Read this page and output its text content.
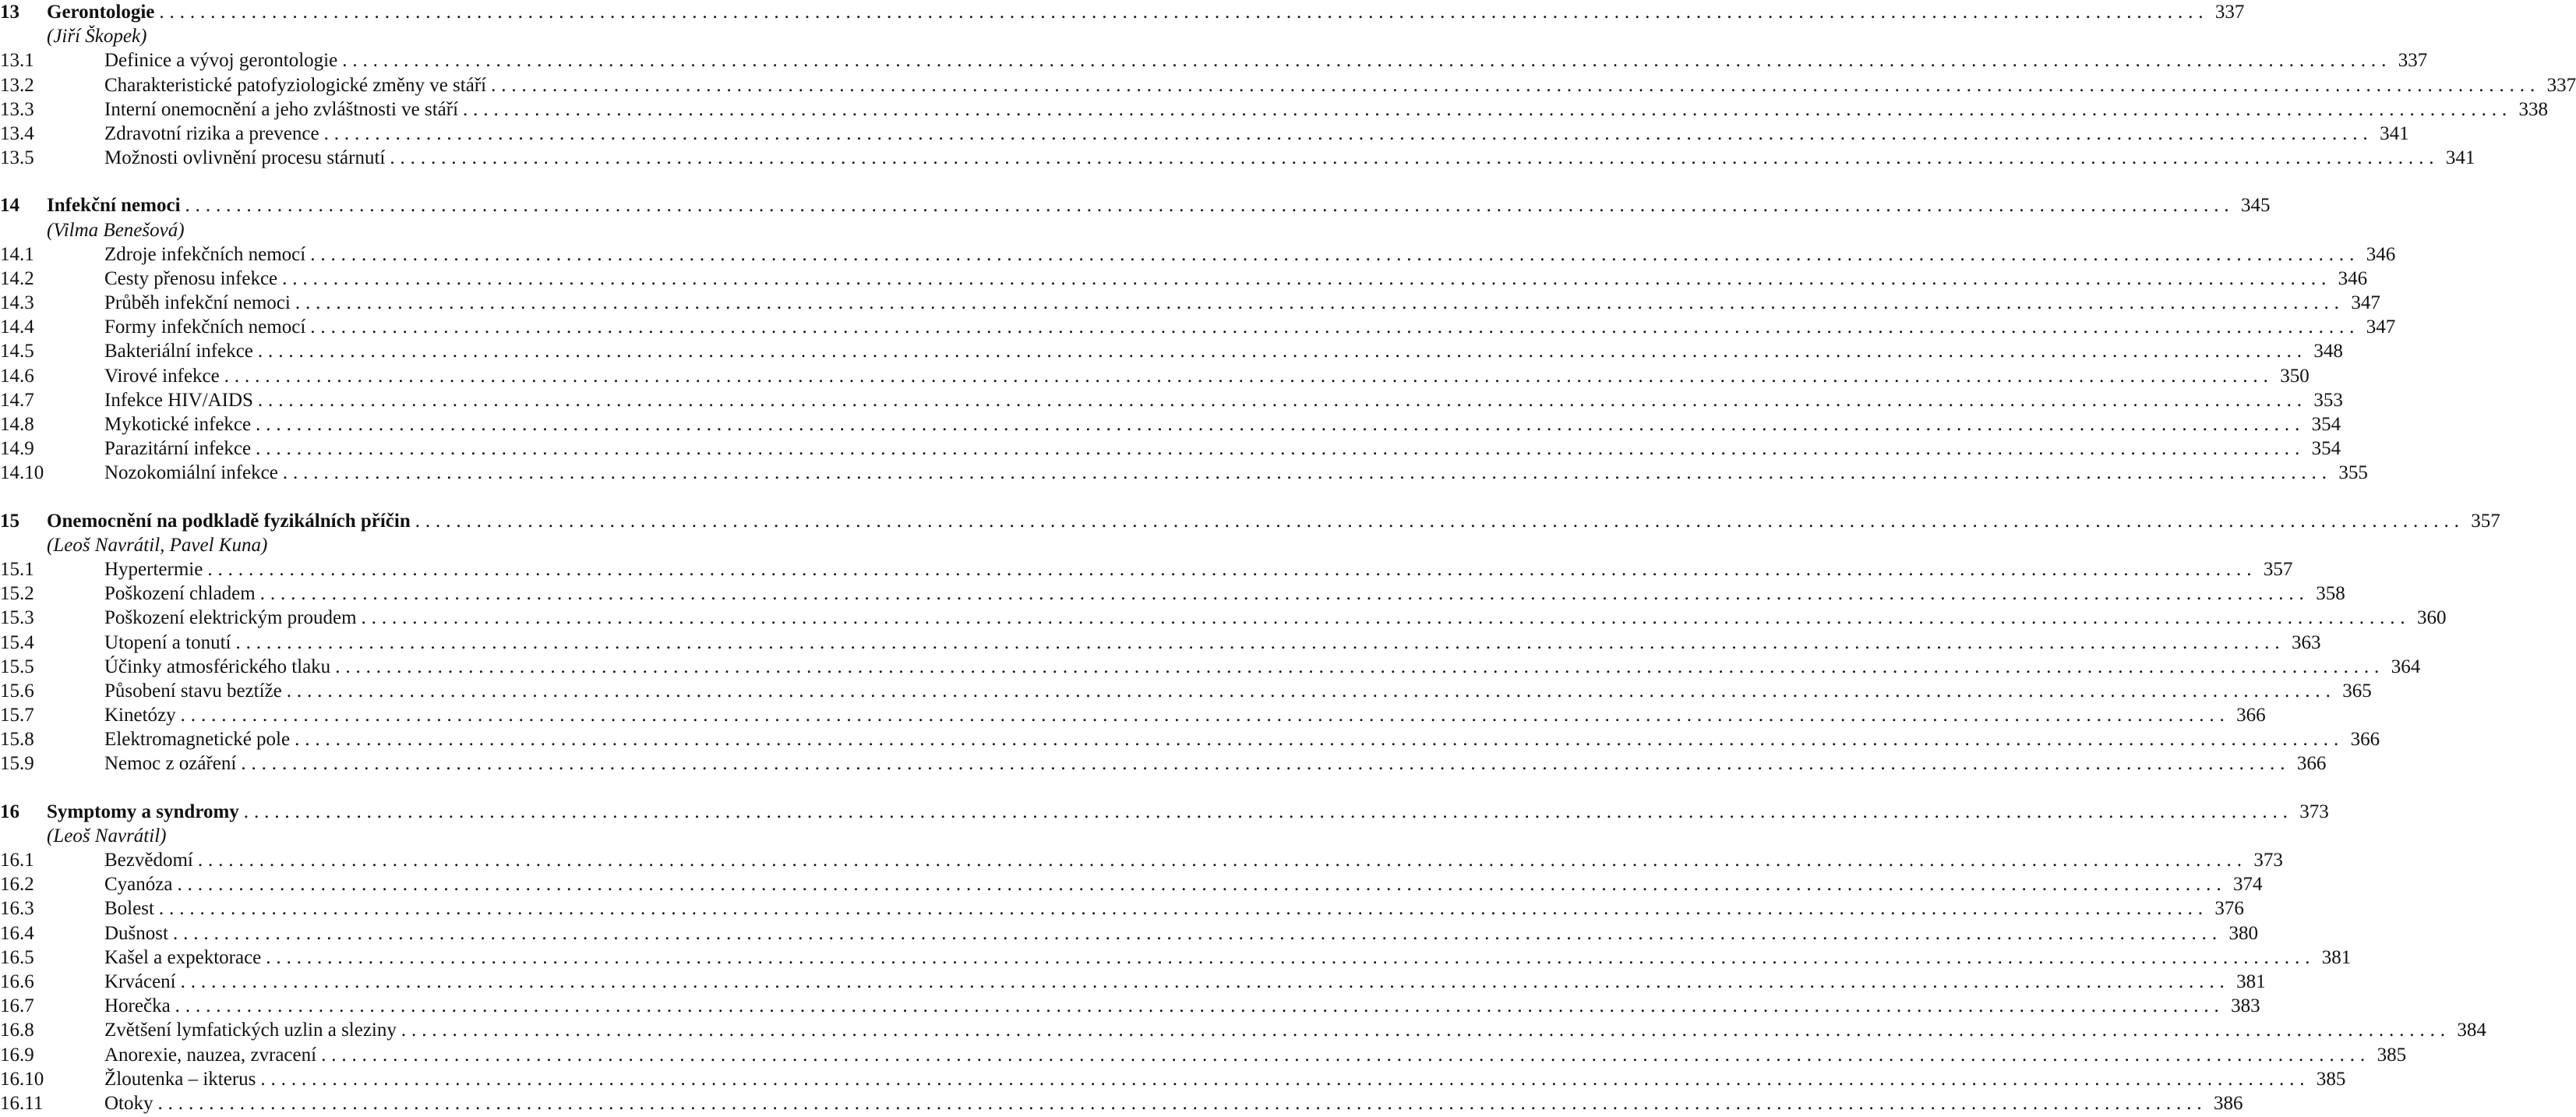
13	Gerontologie ........................................................................................................................................................................................................ 337
(Jiří Škopek)
13.1	Definice a vývoj gerontologie ........................................................................................................................................................................................................ 337
13.2	Charakteristické patofyziologické změny ve stáří ........................................................................................................................................................................................................ 337
13.3	Interní onemocnění a jeho zvláštnosti ve stáří ........................................................................................................................................................................................................ 338
13.4	Zdravotní rizika a prevence ........................................................................................................................................................................................................ 341
13.5	Možnosti ovlivnění procesu stárnutí ........................................................................................................................................................................................................ 341
14	Infekční nemoci ........................................................................................................................................................................................................ 345
(Vilma Benešová)
14.1	Zdroje infekčních nemocí ........................................................................................................................................................................................................ 346
14.2	Cesty přenosu infekce ........................................................................................................................................................................................................ 346
14.3	Průběh infekční nemoci ........................................................................................................................................................................................................ 347
14.4	Formy infekčních nemocí ........................................................................................................................................................................................................ 347
14.5	Bakteriální infekce ........................................................................................................................................................................................................ 348
14.6	Virové infekce ........................................................................................................................................................................................................ 350
14.7	Infekce HIV/AIDS ........................................................................................................................................................................................................ 353
14.8	Mykotické infekce ........................................................................................................................................................................................................ 354
14.9	Parazitární infekce ........................................................................................................................................................................................................ 354
14.10	Nozokomiální infekce ........................................................................................................................................................................................................ 355
15	Onemocnění na podkladě fyzikálních příčin ........................................................................................................................................................................................................ 357
(Leoš Navrátil, Pavel Kuna)
15.1	Hypertermie ........................................................................................................................................................................................................ 357
15.2	Poškození chladem ........................................................................................................................................................................................................ 358
15.3	Poškození elektrickým proudem ........................................................................................................................................................................................................ 360
15.4	Utopení a tonutí ........................................................................................................................................................................................................ 363
15.5	Účinky atmosférického tlaku ........................................................................................................................................................................................................ 364
15.6	Působení stavu beztíže ........................................................................................................................................................................................................ 365
15.7	Kinetózy ........................................................................................................................................................................................................ 366
15.8	Elektromagnetické pole ........................................................................................................................................................................................................ 366
15.9	Nemoc z ozáření ........................................................................................................................................................................................................ 366
16	Symptomy a syndromy ........................................................................................................................................................................................................ 373
(Leoš Navrátil)
16.1	Bezvědomí ........................................................................................................................................................................................................ 373
16.2	Cyanóza ........................................................................................................................................................................................................ 374
16.3	Bolest ........................................................................................................................................................................................................ 376
16.4	Dušnost ........................................................................................................................................................................................................ 380
16.5	Kašel a expektorace ........................................................................................................................................................................................................ 381
16.6	Krvácení ........................................................................................................................................................................................................ 381
16.7	Horečka ........................................................................................................................................................................................................ 383
16.8	Zvětšení lymfatických uzlin a sleziny ........................................................................................................................................................................................................ 384
16.9	Anorexie, nauzea, zvracení ........................................................................................................................................................................................................ 385
16.10	Žloutenka – ikterus ........................................................................................................................................................................................................ 385
16.11	Otoky ........................................................................................................................................................................................................ 386
